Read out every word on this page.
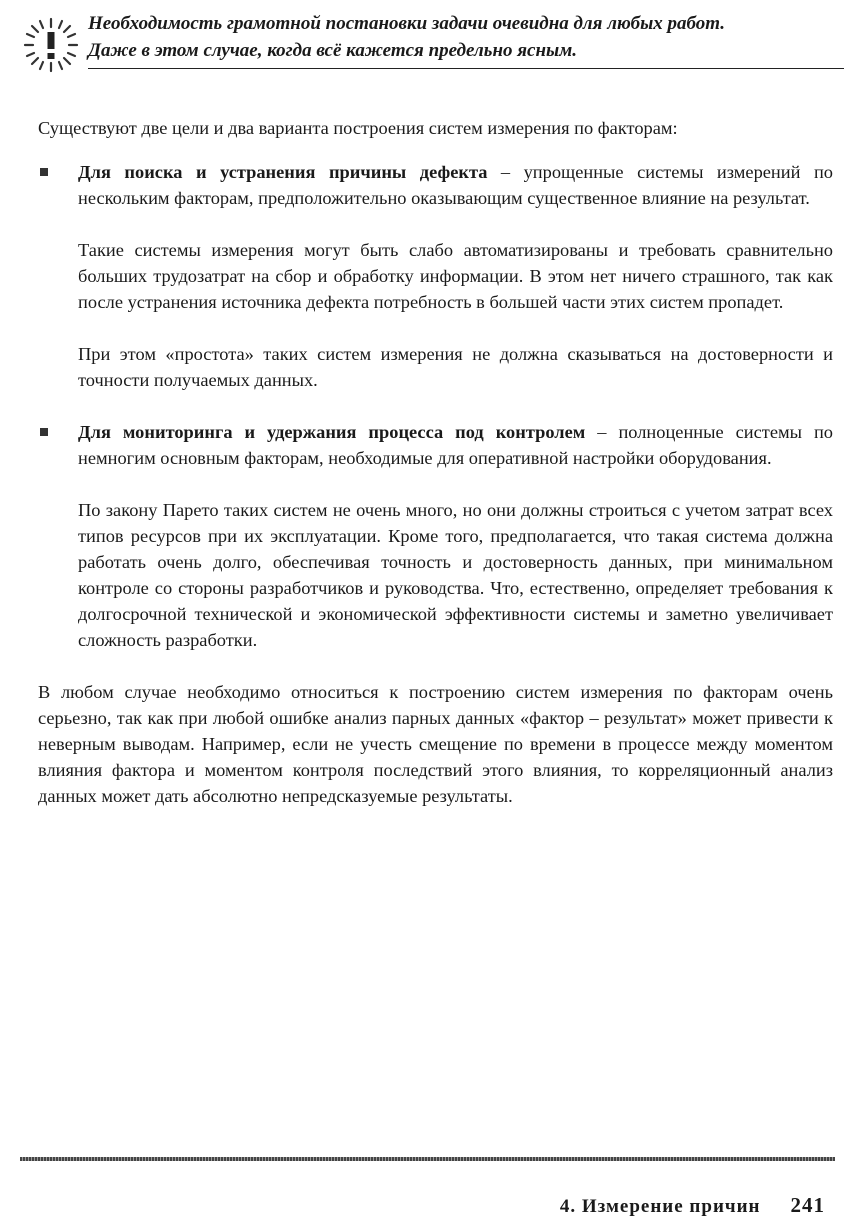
Необходимость грамотной постановки задачи очевидна для любых работ.
Даже в этом случае, когда всё кажется предельно ясным.

Существуют две цели и два варианта построения систем измерения по факторам:

Для поиска и устранения причины дефекта – упрощенные системы измерений по нескольким факторам, предположительно оказывающим существенное влияние на результат.

Такие системы измерения могут быть слабо автоматизированы и требовать сравнительно больших трудозатрат на сбор и обработку информации. В этом нет ничего страшного, так как после устранения источника дефекта потребность в большей части этих систем пропадет.

При этом «простота» таких систем измерения не должна сказываться на достоверности и точности получаемых данных.

Для мониторинга и удержания процесса под контролем – полноценные системы по немногим основным факторам, необходимые для оперативной настройки оборудования.

По закону Парето таких систем не очень много, но они должны строиться с учетом затрат всех типов ресурсов при их эксплуатации. Кроме того, предполагается, что такая система должна работать очень долго, обеспечивая точность и достоверность данных, при минимальном контроле со стороны разработчиков и руководства. Что, естественно, определяет требования к долгосрочной технической и экономической эффективности системы и заметно увеличивает сложность разработки.

В любом случае необходимо относиться к построению систем измерения по факторам очень серьезно, так как при любой ошибке анализ парных данных «фактор – результат» может привести к неверным выводам. Например, если не учесть смещение по времени в процессе между моментом влияния фактора и моментом контроля последствий этого влияния, то корреляционный анализ данных может дать абсолютно непредсказуемые результаты.

4. Измерение причин 241
